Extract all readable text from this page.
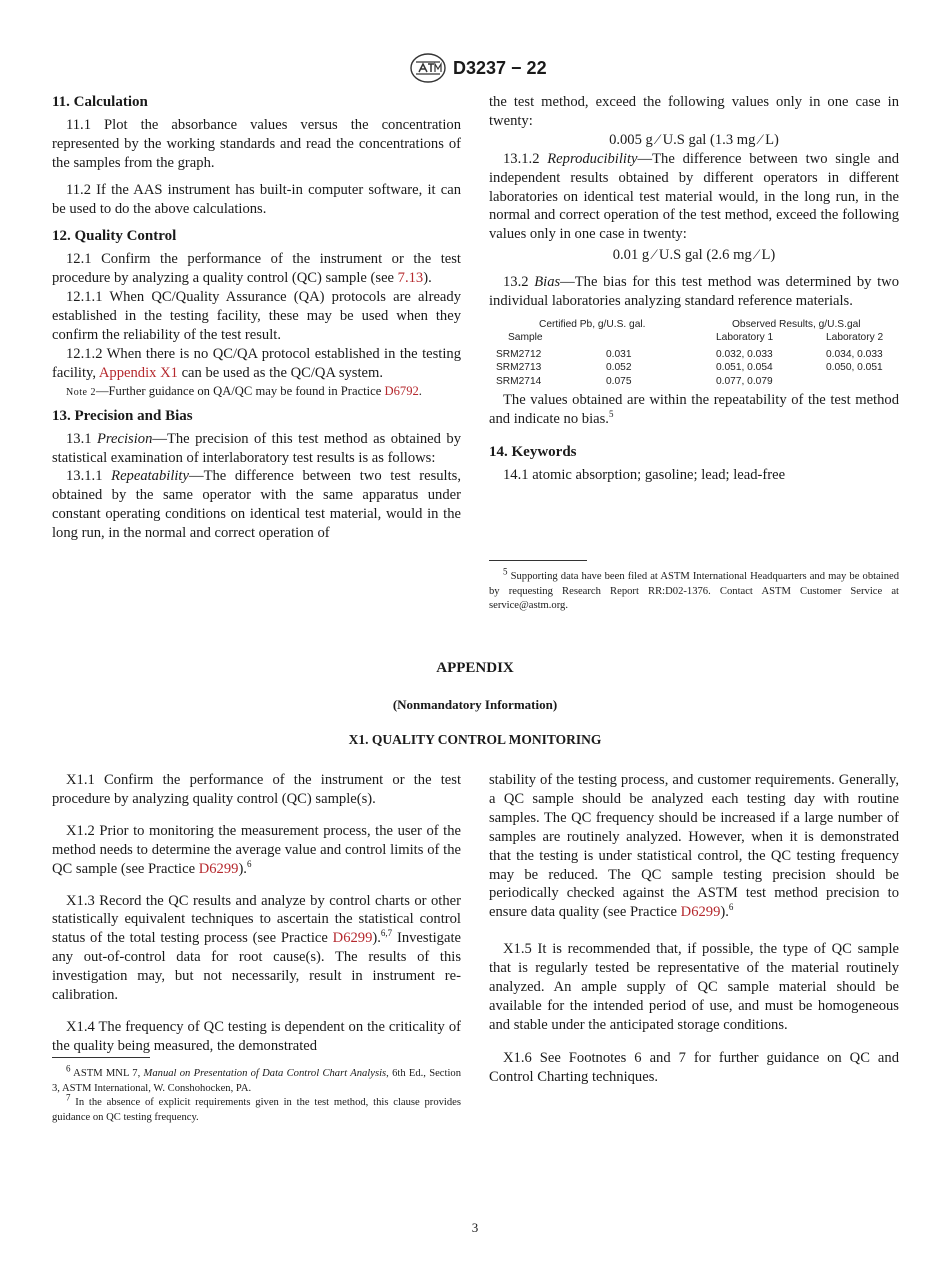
D3237 − 22
11. Calculation

11.1 Plot the absorbance values versus the concentration represented by the working standards and read the concentrations of the samples from the graph.

11.2 If the AAS instrument has built-in computer software, it can be used to do the above calculations.

12. Quality Control

12.1 Confirm the performance of the instrument or the test procedure by analyzing a quality control (QC) sample (see 7.13).

12.1.1 When QC/Quality Assurance (QA) protocols are already established in the testing facility, these may be used when they confirm the reliability of the test result.

12.1.2 When there is no QC/QA protocol established in the testing facility, Appendix X1 can be used as the QC/QA system.

Note 2—Further guidance on QA/QC may be found in Practice D6792.

13. Precision and Bias

13.1 Precision—The precision of this test method as obtained by statistical examination of interlaboratory test results is as follows:

13.1.1 Repeatability—The difference between two test results, obtained by the same operator with the same apparatus under constant operating conditions on identical test material, would in the long run, in the normal and correct operation of

the test method, exceed the following values only in one case in twenty:

0.005 g ⁄ U.S gal (1.3 mg ⁄ L)

13.1.2 Reproducibility—The difference between two single and independent results obtained by different operators in different laboratories on identical test material would, in the long run, in the normal and correct operation of the test method, exceed the following values only in one case in twenty:

0.01 g ⁄ U.S gal (2.6 mg ⁄ L)

13.2 Bias—The bias for this test method was determined by two individual laboratories analyzing standard reference materials.

Certified Pb, g/U.S. gal.		Observed Results, g/U.S.gal	
Sample		Laboratory 1	Laboratory 2
SRM2712	0.031	0.032, 0.033	0.034, 0.033
SRM2713	0.052	0.051, 0.054	0.050, 0.051
SRM2714	0.075	0.077, 0.079	

The values obtained are within the repeatability of the test method and indicate no bias.$^5$

14. Keywords

14.1 atomic absorption; gasoline; lead; lead-free

$^5$ Supporting data have been filed at ASTM International Headquarters and may be obtained by requesting Research Report RR:D02-1376. Contact ASTM Customer Service at service@astm.org.

APPENDIX
(Nonmandatory Information)
X1. QUALITY CONTROL MONITORING

X1.1 Confirm the performance of the instrument or the test procedure by analyzing quality control (QC) sample(s).

X1.2 Prior to monitoring the measurement process, the user of the method needs to determine the average value and control limits of the QC sample (see Practice D6299).$^6$

X1.3 Record the QC results and analyze by control charts or other statistically equivalent techniques to ascertain the statistical control status of the total testing process (see Practice D6299).$^{6,7}$ Investigate any out-of-control data for root cause(s). The results of this investigation may, but not necessarily, result in instrument re-calibration.

X1.4 The frequency of QC testing is dependent on the criticality of the quality being measured, the demonstrated

$^6$ ASTM MNL 7, Manual on Presentation of Data Control Chart Analysis, 6th Ed., Section 3, ASTM International, W. Conshohocken, PA.

$^7$ In the absence of explicit requirements given in the test method, this clause provides guidance on QC testing frequency.

stability of the testing process, and customer requirements. Generally, a QC sample should be analyzed each testing day with routine samples. The QC frequency should be increased if a large number of samples are routinely analyzed. However, when it is demonstrated that the testing is under statistical control, the QC testing frequency may be reduced. The QC sample testing precision should be periodically checked against the ASTM test method precision to ensure data quality (see Practice D6299).$^6$

X1.5 It is recommended that, if possible, the type of QC sample that is regularly tested be representative of the material routinely analyzed. An ample supply of QC sample material should be available for the intended period of use, and must be homogeneous and stable under the anticipated storage conditions.

X1.6 See Footnotes 6 and 7 for further guidance on QC and Control Charting techniques.

3
